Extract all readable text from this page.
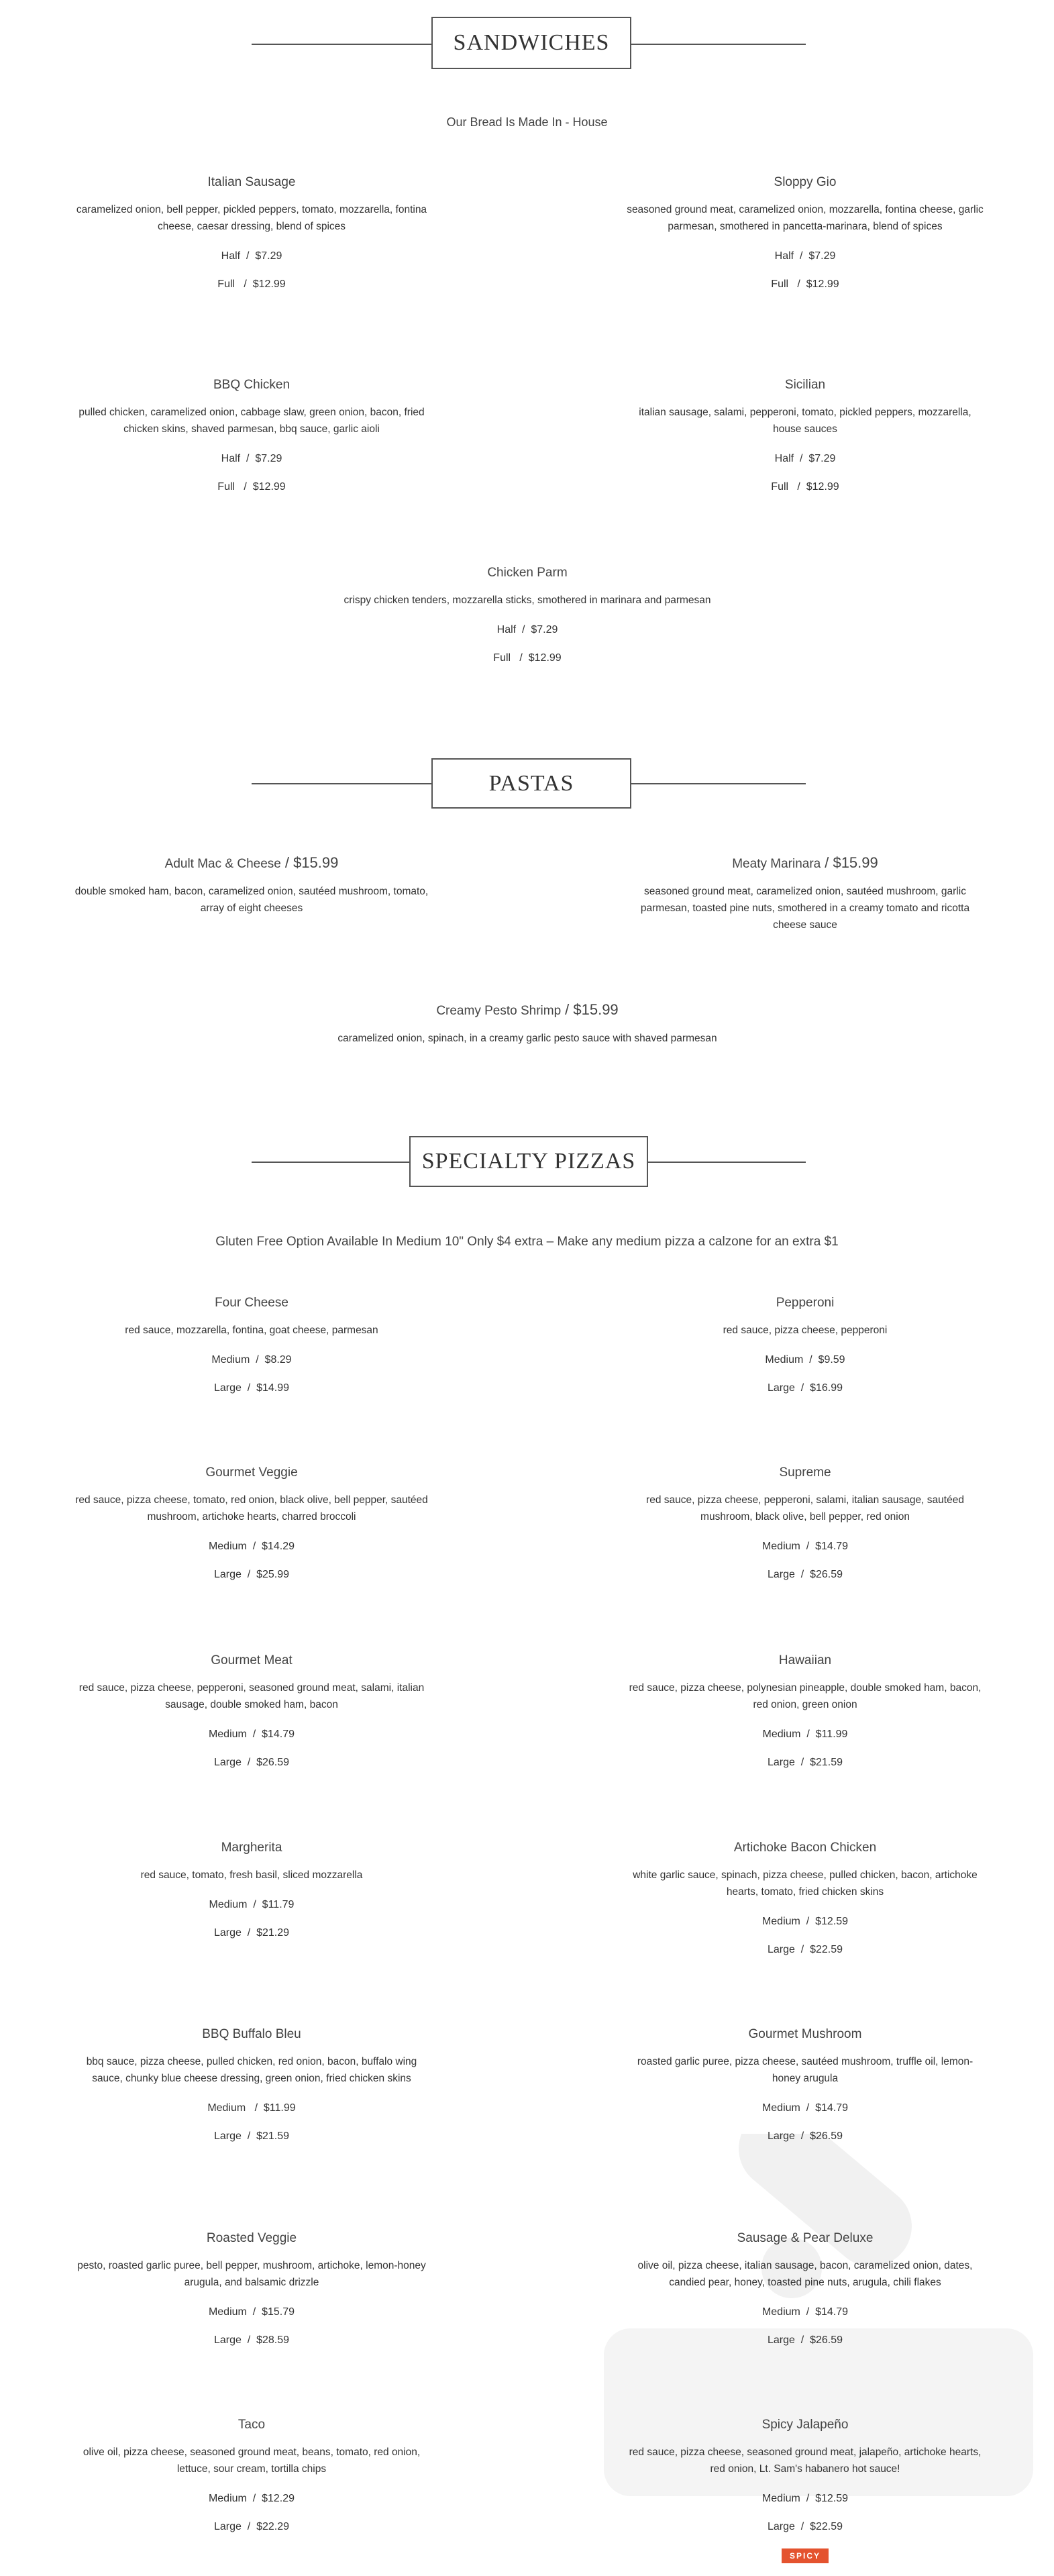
SANDWICHES
Our Bread Is Made In - House
PASTAS
SPECIALTY PIZZAS
Gluten Free Option Available In Medium 10" Only $4 extra – Make any medium pizza a calzone for an extra $1
Italian Sausage
caramelized onion, bell pepper, pickled peppers, tomato, mozzarella, fontina cheese, caesar dressing, blend of spices
Half  /  $7.29
Full   /  $12.99
Sloppy Gio
seasoned ground meat, caramelized onion, mozzarella, fontina cheese, garlic parmesan, smothered in pancetta-marinara, blend of spices
Half  /  $7.29
Full   /  $12.99
BBQ Chicken
pulled chicken, caramelized onion, cabbage slaw, green onion, bacon, fried chicken skins, shaved parmesan, bbq sauce, garlic aioli
Half  /  $7.29
Full   /  $12.99
Sicilian
italian sausage, salami, pepperoni, tomato, pickled peppers, mozzarella, house sauces
Half  /  $7.29
Full   /  $12.99
Chicken Parm
crispy chicken tenders, mozzarella sticks, smothered in marinara and parmesan
Half  /  $7.29
Full   /  $12.99
Adult Mac & Cheese / $15.99
double smoked ham, bacon, caramelized onion, sautéed mushroom, tomato, array of eight cheeses
Meaty Marinara / $15.99
seasoned ground meat, caramelized onion, sautéed mushroom, garlic parmesan, toasted pine nuts, smothered in a creamy tomato and ricotta cheese sauce
Creamy Pesto Shrimp / $15.99
caramelized onion, spinach, in a creamy garlic pesto sauce with shaved parmesan
Four Cheese
red sauce, mozzarella, fontina, goat cheese, parmesan
Medium  /  $8.29
Large  /  $14.99
Pepperoni
red sauce, pizza cheese, pepperoni
Medium  /  $9.59
Large  /  $16.99
Gourmet Veggie
red sauce, pizza cheese, tomato, red onion, black olive, bell pepper, sautéed mushroom, artichoke hearts, charred broccoli
Medium  /  $14.29
Large  /  $25.99
Supreme
red sauce, pizza cheese, pepperoni, salami, italian sausage, sautéed mushroom, black olive, bell pepper, red onion
Medium  /  $14.79
Large  /  $26.59
Gourmet Meat
red sauce, pizza cheese, pepperoni, seasoned ground meat, salami, italian sausage, double smoked ham, bacon
Medium  /  $14.79
Large  /  $26.59
Hawaiian
red sauce, pizza cheese, polynesian pineapple, double smoked ham, bacon, red onion, green onion
Medium  /  $11.99
Large  /  $21.59
Margherita
red sauce, tomato, fresh basil, sliced mozzarella
Medium  /  $11.79
Large  /  $21.29
Artichoke Bacon Chicken
white garlic sauce, spinach, pizza cheese, pulled chicken, bacon, artichoke hearts, tomato, fried chicken skins
Medium  /  $12.59
Large  /  $22.59
BBQ Buffalo Bleu
bbq sauce, pizza cheese, pulled chicken, red onion, bacon, buffalo wing sauce, chunky blue cheese dressing, green onion, fried chicken skins
Medium   /  $11.99
Large  /  $21.59
Gourmet Mushroom
roasted garlic puree, pizza cheese, sautéed mushroom, truffle oil, lemon-honey arugula
Medium  /  $14.79
Large  /  $26.59
Roasted Veggie
pesto, roasted garlic puree, bell pepper, mushroom, artichoke, lemon-honey arugula, and balsamic drizzle
Medium  /  $15.79
Large  /  $28.59
Sausage & Pear Deluxe
olive oil, pizza cheese, italian sausage, bacon, caramelized onion, dates, candied pear, honey, toasted pine nuts, arugula, chili flakes
Medium  /  $14.79
Large  /  $26.59
Taco
olive oil, pizza cheese, seasoned ground meat, beans, tomato, red onion, lettuce, sour cream, tortilla chips
Medium  /  $12.29
Large  /  $22.29
Spicy Jalapeño
red sauce, pizza cheese, seasoned ground meat, jalapeño, artichoke hearts, red onion, Lt. Sam's habanero hot sauce!
Medium  /  $12.59
Large  /  $22.59
SPICY
